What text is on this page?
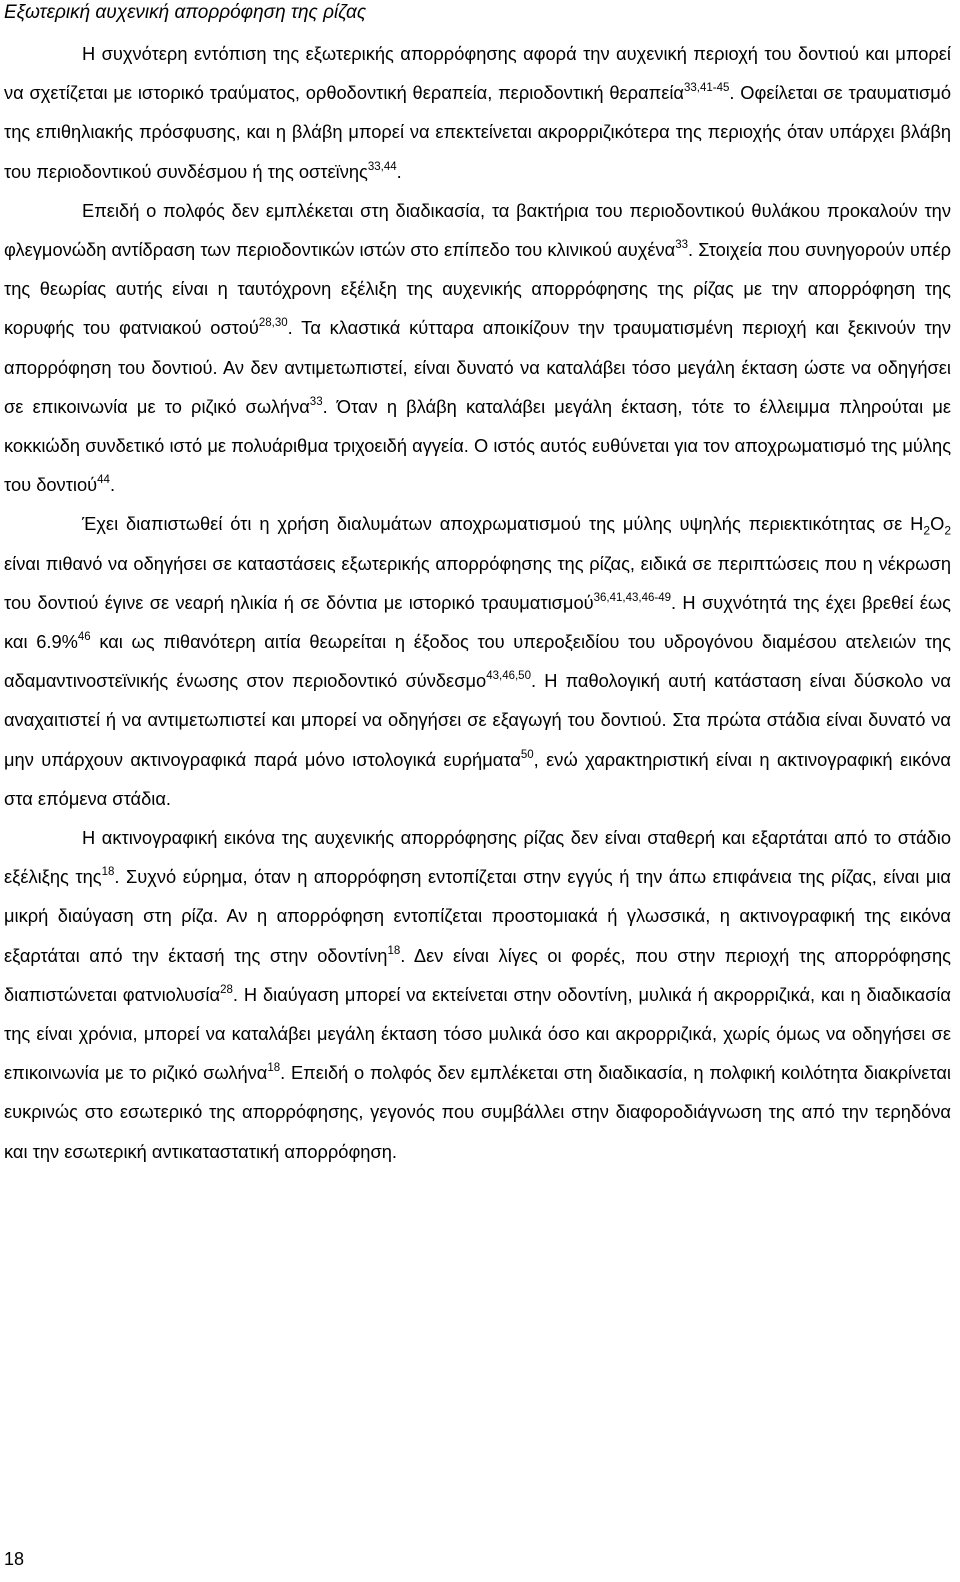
Εξωτερική αυχενική απορρόφηση της ρίζας

Η συχνότερη εντόπιση της εξωτερικής απορρόφησης αφορά την αυχενική περιοχή του δοντιού και μπορεί να σχετίζεται με ιστορικό τραύματος, ορθοδοντική θεραπεία, περιοδοντική θεραπεία$^{33,41-45}$. Οφείλεται σε τραυματισμό της επιθηλιακής πρόσφυσης, και η βλάβη μπορεί να επεκτείνεται ακρορριζικότερα της περιοχής όταν υπάρχει βλάβη του περιοδοντικού συνδέσμου ή της οστεϊνης$^{33,44}$.
Επειδή ο πολφός δεν εμπλέκεται στη διαδικασία, τα βακτήρια του περιοδοντικού θυλάκου προκαλούν την φλεγμονώδη αντίδραση των περιοδοντικών ιστών στο επίπεδο του κλινικού αυχένα$^{33}$. Στοιχεία που συνηγορούν υπέρ της θεωρίας αυτής είναι η ταυτόχρονη εξέλιξη της αυχενικής απορρόφησης της ρίζας με την απορρόφηση της κορυφής του φατνιακού οστού$^{28,30}$. Τα κλαστικά κύτταρα αποικίζουν την τραυματισμένη περιοχή και ξεκινούν την απορρόφηση του δοντιού. Αν δεν αντιμετωπιστεί, είναι δυνατό να καταλάβει τόσο μεγάλη έκταση ώστε να οδηγήσει σε επικοινωνία με το ριζικό σωλήνα$^{33}$. Όταν η βλάβη καταλάβει μεγάλη έκταση, τότε το έλλειμμα πληρούται με κοκκιώδη συνδετικό ιστό με πολυάριθμα τριχοειδή αγγεία. Ο ιστός αυτός ευθύνεται για τον αποχρωματισμό της μύλης του δοντιού$^{44}$.

Έχει διαπιστωθεί ότι η χρήση διαλυμάτων αποχρωματισμού της μύλης υψηλής περιεκτικότητας σε $H_2O_2$ είναι πιθανό να οδηγήσει σε καταστάσεις εξωτερικής απορρόφησης της ρίζας, ειδικά σε περιπτώσεις που η νέκρωση του δοντιού έγινε σε νεαρή ηλικία ή σε δόντια με ιστορικό τραυματισμού$^{36,41,43,46-49}$. Η συχνότητά της έχει βρεθεί έως και 6.9%$^{46}$ και ως πιθανότερη αιτία θεωρείται η έξοδος του υπεροξειδίου του υδρογόνου διαμέσου ατελειών της αδαμαντινοστεϊνικής ένωσης στον περιοδοντικό σύνδεσμο$^{43,46,50}$. Η παθολογική αυτή κατάσταση είναι δύσκολο να αναχαιτιστεί ή να αντιμετωπιστεί και μπορεί να οδηγήσει σε εξαγωγή του δοντιού. Στα πρώτα στάδια είναι δυνατό να μην υπάρχουν ακτινογραφικά παρά μόνο ιστολογικά ευρήματα$^{50}$, ενώ χαρακτηριστική είναι η ακτινογραφική εικόνα στα επόμενα στάδια.

Η ακτινογραφική εικόνα της αυχενικής απορρόφησης ρίζας δεν είναι σταθερή και εξαρτάται από το στάδιο εξέλιξης της$^{18}$. Συχνό εύρημα, όταν η απορρόφηση εντοπίζεται στην εγγύς ή την άπω επιφάνεια της ρίζας, είναι μια μικρή διαύγαση στη ρίζα. Αν η απορρόφηση εντοπίζεται προστομιακά ή γλωσσικά, η ακτινογραφική της εικόνα εξαρτάται από την έκτασή της στην οδοντίνη$^{18}$. Δεν είναι λίγες οι φορές, που στην περιοχή της απορρόφησης διαπιστώνεται φατνιολυσία$^{28}$. Η διαύγαση μπορεί να εκτείνεται στην οδοντίνη, μυλικά ή ακρορριζικά, και η διαδικασία της είναι χρόνια, μπορεί να καταλάβει μεγάλη έκταση τόσο μυλικά όσο και ακρορριζικά, χωρίς όμως να οδηγήσει σε επικοινωνία με το ριζικό σωλήνα$^{18}$. Επειδή ο πολφός δεν εμπλέκεται στη διαδικασία, η πολφική κοιλότητα διακρίνεται ευκρινώς στο εσωτερικό της απορρόφησης, γεγονός που συμβάλλει στην διαφοροδιάγνωση της από την τερηδόνα και την εσωτερική αντικαταστατική απορρόφηση.

18
